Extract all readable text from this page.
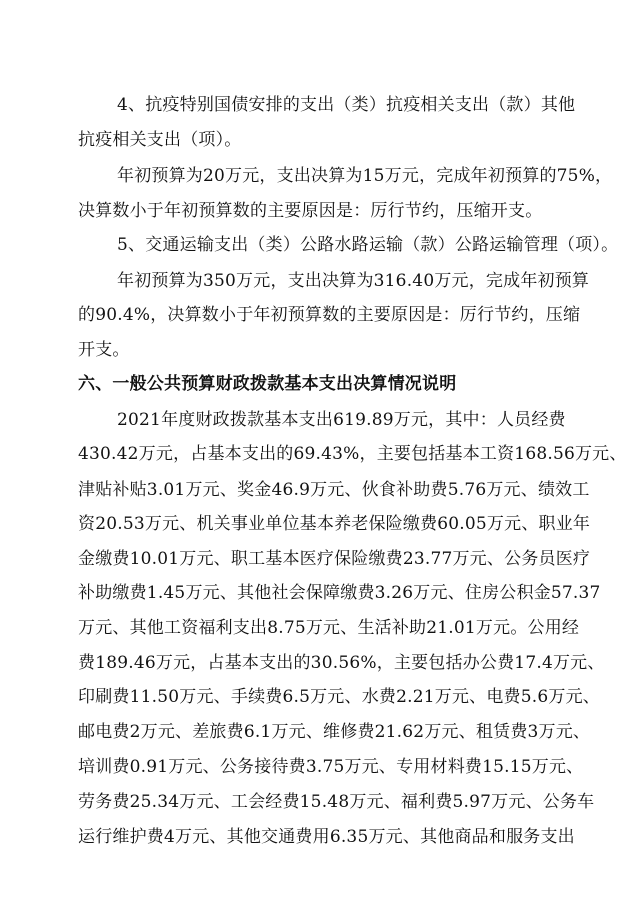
4、抗疫特别国债安排的支出（类）抗疫相关支出（款）其他
抗疫相关支出（项）。
年初预算为20万元，支出决算为15万元，完成年初预算的75%，
决算数小于年初预算数的主要原因是：厉行节约，压缩开支。
5、交通运输支出（类）公路水路运输（款）公路运输管理（项）。
年初预算为350万元，支出决算为316.40万元，完成年初预算
的90.4%，决算数小于年初预算数的主要原因是：厉行节约，压缩
开支。
六、一般公共预算财政拨款基本支出决算情况说明
2021年度财政拨款基本支出619.89万元，其中：人员经费
430.42万元，占基本支出的69.43%，主要包括基本工资168.56万元、
津贴补贴3.01万元、奖金46.9万元、伙食补助费5.76万元、绩效工
资20.53万元、机关事业单位基本养老保险缴费60.05万元、职业年
金缴费10.01万元、职工基本医疗保险缴费23.77万元、公务员医疗
补助缴费1.45万元、其他社会保障缴费3.26万元、住房公积金57.37
万元、其他工资福利支出8.75万元、生活补助21.01万元。公用经
费189.46万元，占基本支出的30.56%，主要包括办公费17.4万元、
印刷费11.50万元、手续费6.5万元、水费2.21万元、电费5.6万元、
邮电费2万元、差旅费6.1万元、维修费21.62万元、租赁费3万元、
培训费0.91万元、公务接待费3.75万元、专用材料费15.15万元、
劳务费25.34万元、工会经费15.48万元、福利费5.97万元、公务车
运行维护费4万元、其他交通费用6.35万元、其他商品和服务支出
